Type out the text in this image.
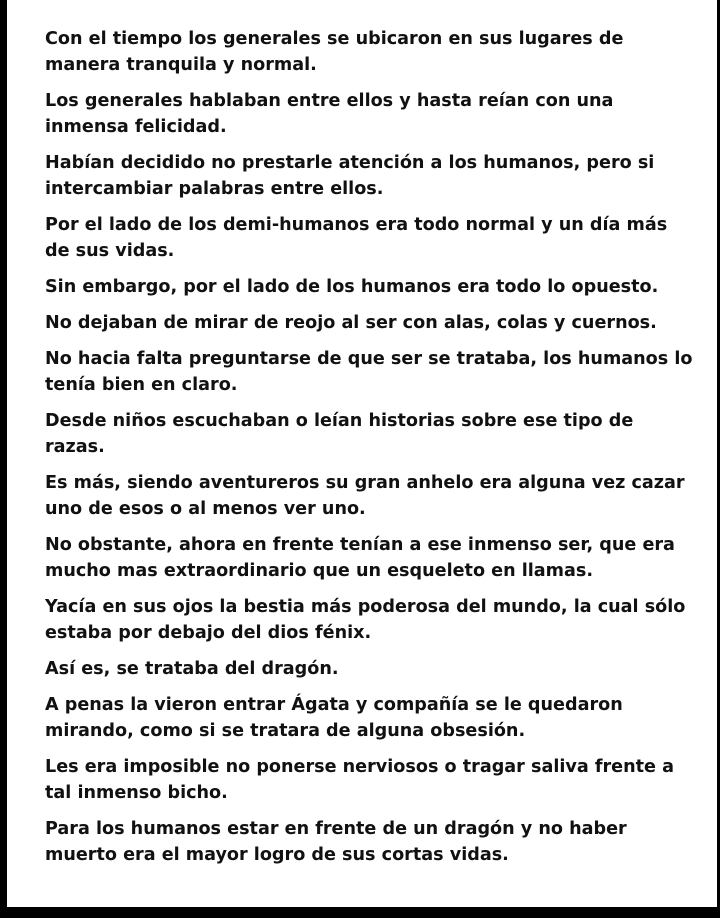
Con el tiempo los generales se ubicaron en sus lugares de manera tranquila y normal.

Los generales hablaban entre ellos y hasta reían con una inmensa felicidad.

Habían decidido no prestarle atención a los humanos, pero si intercambiar palabras entre ellos.

Por el lado de los demi-humanos era todo normal y un día más de sus vidas.

Sin embargo, por el lado de los humanos era todo lo opuesto.

No dejaban de mirar de reojo al ser con alas, colas y cuernos.

No hacia falta preguntarse de que ser se trataba, los humanos lo tenía bien en claro.

Desde niños escuchaban o leían historias sobre ese tipo de razas.

Es más, siendo aventureros su gran anhelo era alguna vez cazar uno de esos o al menos ver uno.

No obstante, ahora en frente tenían a ese inmenso ser, que era mucho mas extraordinario que un esqueleto en llamas.

Yacía en sus ojos la bestia más poderosa del mundo, la cual sólo estaba por debajo del dios fénix.

Así es, se trataba del dragón.

A penas la vieron entrar Ágata y compañía se le quedaron mirando, como si se tratara de alguna obsesión.

Les era imposible no ponerse nerviosos o tragar saliva frente a tal inmenso bicho.

Para los humanos estar en frente de un dragón y no haber muerto era el mayor logro de sus cortas vidas.
